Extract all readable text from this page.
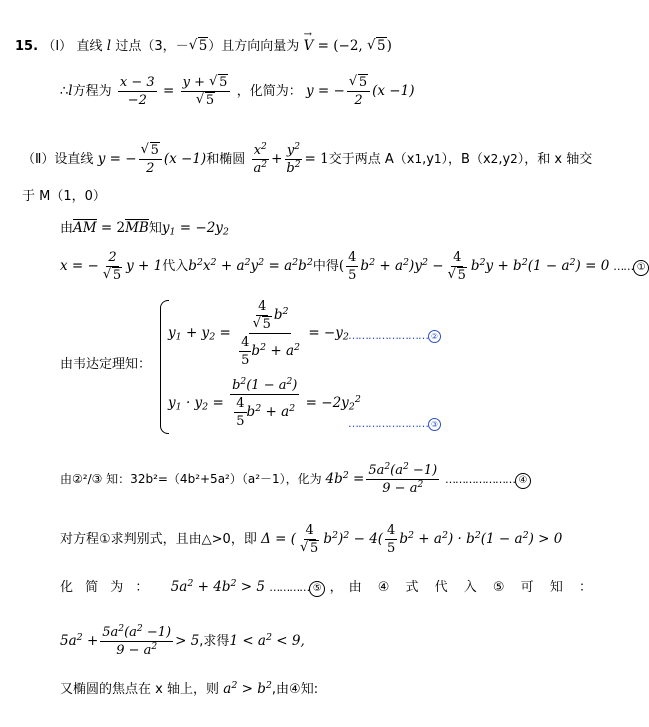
15. （Ⅰ） 直线 l 过点（3，－ √ 5）且方向向量为 → V = (−2, √ 5)
∴l方程为 $\frac{x - 3}{-2} = y$ + √ 5
√ 5 ，化简为： y = − √ $\frac{5}{2} (x -1)$
（Ⅱ）设直线 y = − √ $\frac{5}{2} (x -1)$和椭圆 $\frac{x^2}{a^2} + \frac{y^2}{b^2} = 1$交于两点 A（x1,y1），B（x2,y2），和 x 轴交
于 M（1，0）
由AM = 2MB知$y_1 = -2y_2$
x = − 2
√ 5 y + 1代入$b^2x^2 + a^2y^2 = a^2b^2$中得( $\frac{4}{5} b^2 + a^2)y^2 - 4$
√ 5 $b^2y + b^2(1 - a^2) = 0$ …… ①
由韦达定理知：
$y_1 + y_2 = 4$
√ 5 $b^2$
$\frac{4}{5} b^2 + a^2 = -y_2$ …………………… ②
$y_1 \cdot y_2 = \frac{b^2(1 - a^2)}{\frac{4}{5} b^2 + a^2} = -2y_2^2$
…………………… ③
由②²/③ 知：32b²=（4b²+5a²）（a²－1），化为 $4b^2 = \frac{5a^2(a^2 -1)}{9 - a^2}$ ………………… ④
对方程①求判别式，且由△>0，即 Δ = ( 4
√ 5 $b^2)^2 - 4( \frac{4}{5} b^2 + a^2) \cdot b^2(1 - a^2) > 0$
化 简 为 ： $5a^2 + 4b^2 > 5$ ………… ⑤ ，由 ④ 式 代 入 ⑤ 可 知 ：
$5a^2 + \frac{5a^2(a^2 -1)}{9 - a^2} > 5$,求得$1 < a^2 < 9$,
又椭圆的焦点在 x 轴上，则 $a^2 > b^2$,由④知:
